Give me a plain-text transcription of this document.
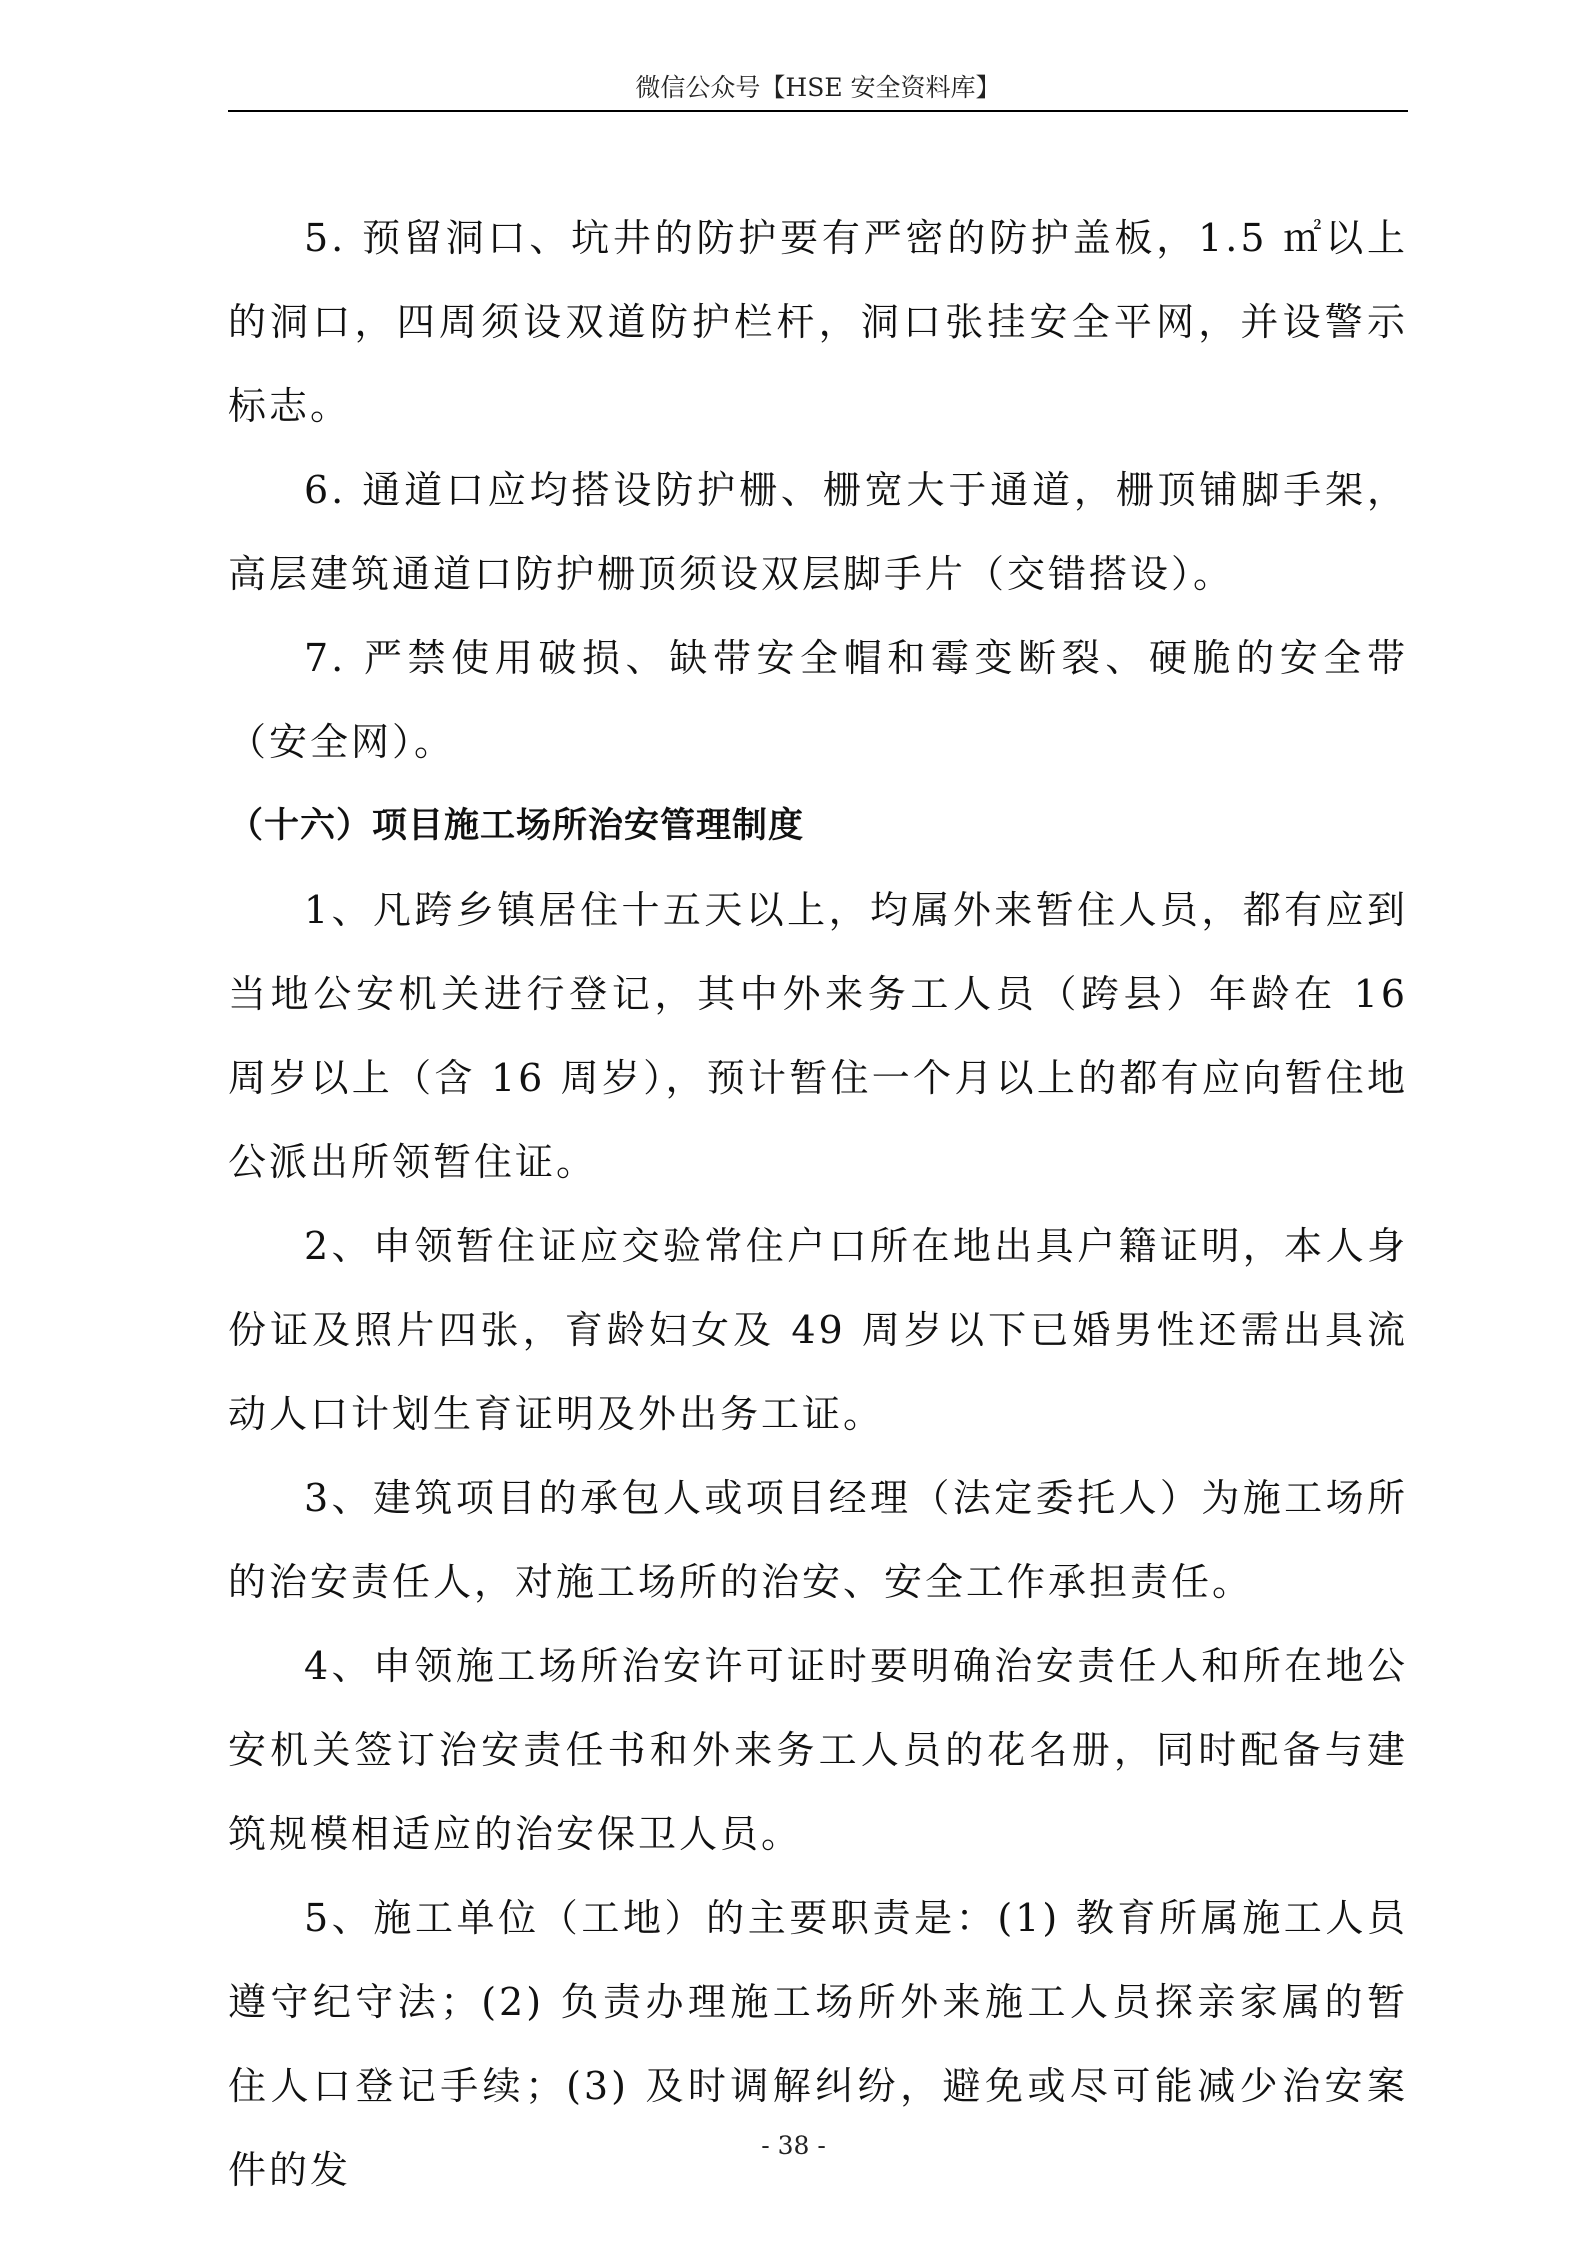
微信公众号【HSE 安全资料库】

5. 预留洞口、坑井的防护要有严密的防护盖板，1.5 ㎡以上的洞口，四周须设双道防护栏杆，洞口张挂安全平网，并设警示标志。

6. 通道口应均搭设防护栅、栅宽大于通道，栅顶铺脚手架，高层建筑通道口防护栅顶须设双层脚手片（交错搭设）。

7. 严禁使用破损、缺带安全帽和霉变断裂、硬脆的安全带（安全网）。

（十六）项目施工场所治安管理制度

1、凡跨乡镇居住十五天以上，均属外来暂住人员，都有应到当地公安机关进行登记，其中外来务工人员（跨县）年龄在 16 周岁以上（含 16 周岁），预计暂住一个月以上的都有应向暂住地公派出所领暂住证。

2、申领暂住证应交验常住户口所在地出具户籍证明，本人身份证及照片四张，育龄妇女及 49 周岁以下已婚男性还需出具流动人口计划生育证明及外出务工证。

3、建筑项目的承包人或项目经理（法定委托人）为施工场所的治安责任人，对施工场所的治安、安全工作承担责任。

4、申领施工场所治安许可证时要明确治安责任人和所在地公安机关签订治安责任书和外来务工人员的花名册，同时配备与建筑规模相适应的治安保卫人员。

5、施工单位（工地）的主要职责是：(1) 教育所属施工人员遵守纪守法；(2) 负责办理施工场所外来施工人员探亲家属的暂住人口登记手续；(3) 及时调解纠纷，避免或尽可能减少治安案件的发

- 38 -
